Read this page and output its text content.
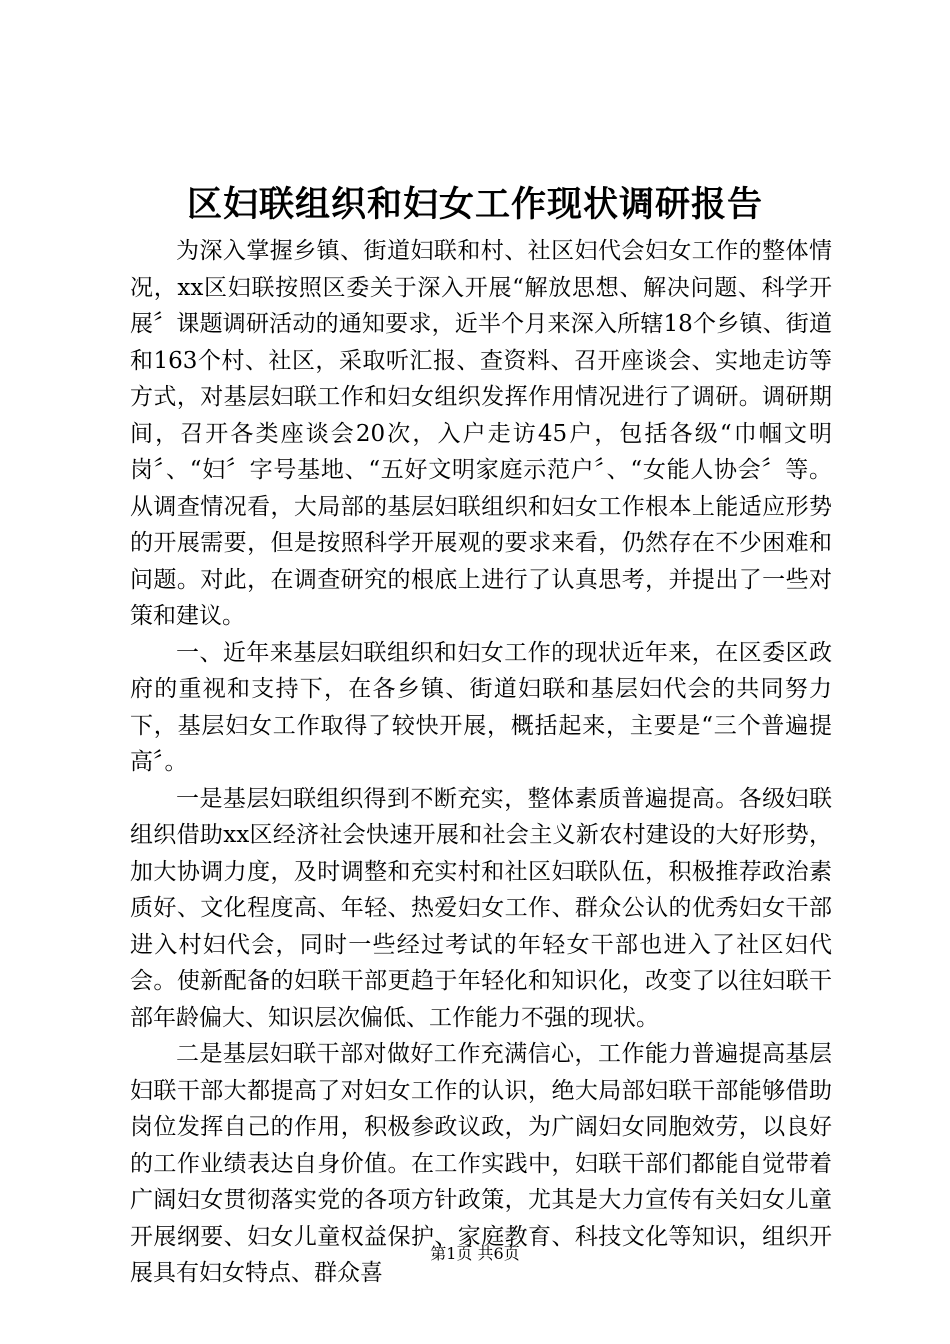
区妇联组织和妇女工作现状调研报告

为深入掌握乡镇、街道妇联和村、社区妇代会妇女工作的整体情况，xx区妇联按照区委关于深入开展“解放思想、解决问题、科学开展〞课题调研活动的通知要求，近半个月来深入所辖18个乡镇、街道和163个村、社区，采取听汇报、查资料、召开座谈会、实地走访等方式，对基层妇联工作和妇女组织发挥作用情况进行了调研。调研期间，召开各类座谈会20次，入户走访45户，包括各级“巾帼文明岗〞、“妇〞字号基地、“五好文明家庭示范户〞、“女能人协会〞等。从调查情况看，大局部的基层妇联组织和妇女工作根本上能适应形势的开展需要，但是按照科学开展观的要求来看，仍然存在不少困难和问题。对此，在调查研究的根底上进行了认真思考，并提出了一些对策和建议。

一、近年来基层妇联组织和妇女工作的现状近年来，在区委区政府的重视和支持下，在各乡镇、街道妇联和基层妇代会的共同努力下，基层妇女工作取得了较快开展，概括起来，主要是“三个普遍提高〞。

一是基层妇联组织得到不断充实，整体素质普遍提高。各级妇联组织借助xx区经济社会快速开展和社会主义新农村建设的大好形势，加大协调力度，及时调整和充实村和社区妇联队伍，积极推荐政治素质好、文化程度高、年轻、热爱妇女工作、群众公认的优秀妇女干部进入村妇代会，同时一些经过考试的年轻女干部也进入了社区妇代会。使新配备的妇联干部更趋于年轻化和知识化，改变了以往妇联干部年龄偏大、知识层次偏低、工作能力不强的现状。

二是基层妇联干部对做好工作充满信心，工作能力普遍提高基层妇联干部大都提高了对妇女工作的认识，绝大局部妇联干部能够借助岗位发挥自己的作用，积极参政议政，为广阔妇女同胞效劳，以良好的工作业绩表达自身价值。在工作实践中，妇联干部们都能自觉带着广阔妇女贯彻落实党的各项方针政策，尤其是大力宣传有关妇女儿童开展纲要、妇女儿童权益保护、家庭教育、科技文化等知识，组织开展具有妇女特点、群众喜

第1页 共6页
